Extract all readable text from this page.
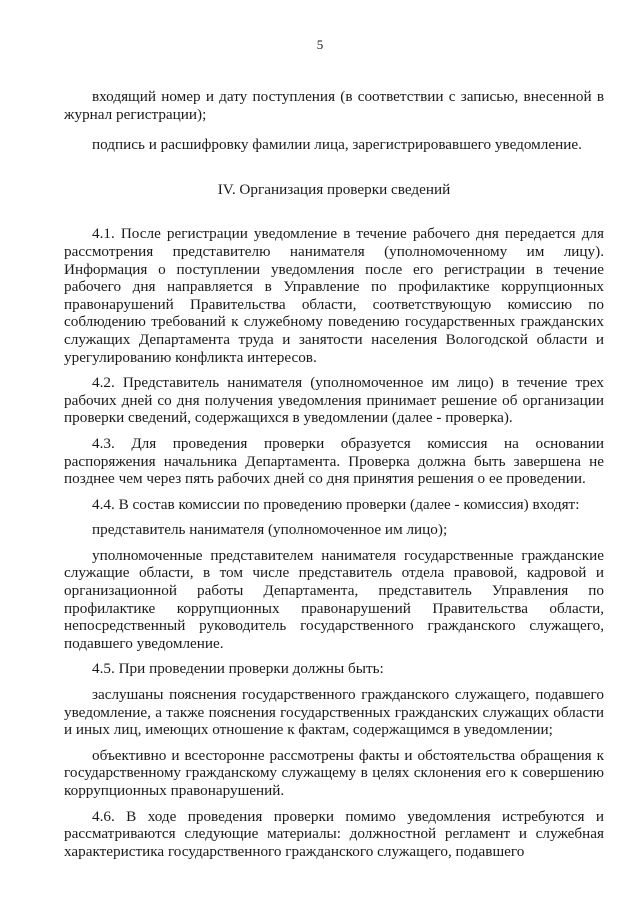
5

входящий номер и дату поступления (в соответствии с записью, внесенной в журнал регистрации);

подпись и расшифровку фамилии лица, зарегистрировавшего уведомление.

IV. Организация проверки сведений

4.1. После регистрации уведомление в течение рабочего дня передается для рассмотрения представителю нанимателя (уполномоченному им лицу). Информация о поступлении уведомления после его регистрации в течение рабочего дня направляется в Управление по профилактике коррупционных правонарушений Правительства области, соответствующую комиссию по соблюдению требований к служебному поведению государственных гражданских служащих Департамента труда и занятости населения Вологодской области и урегулированию конфликта интересов.

4.2. Представитель нанимателя (уполномоченное им лицо) в течение трех рабочих дней со дня получения уведомления принимает решение об организации проверки сведений, содержащихся в уведомлении (далее - проверка).

4.3. Для проведения проверки образуется комиссия на основании распоряжения начальника Департамента. Проверка должна быть завершена не позднее чем через пять рабочих дней со дня принятия решения о ее проведении.

4.4. В состав комиссии по проведению проверки (далее - комиссия) входят:

представитель нанимателя (уполномоченное им лицо);

уполномоченные представителем нанимателя государственные гражданские служащие области, в том числе представитель отдела правовой, кадровой и организационной работы Департамента, представитель Управления по профилактике коррупционных правонарушений Правительства области, непосредственный руководитель государственного гражданского служащего, подавшего уведомление.

4.5. При проведении проверки должны быть:

заслушаны пояснения государственного гражданского служащего, подавшего уведомление, а также пояснения государственных гражданских служащих области и иных лиц, имеющих отношение к фактам, содержащимся в уведомлении;

объективно и всесторонне рассмотрены факты и обстоятельства обращения к государственному гражданскому служащему в целях склонения его к совершению коррупционных правонарушений.

4.6. В ходе проведения проверки помимо уведомления истребуются и рассматриваются следующие материалы: должностной регламент и служебная характеристика государственного гражданского служащего, подавшего
